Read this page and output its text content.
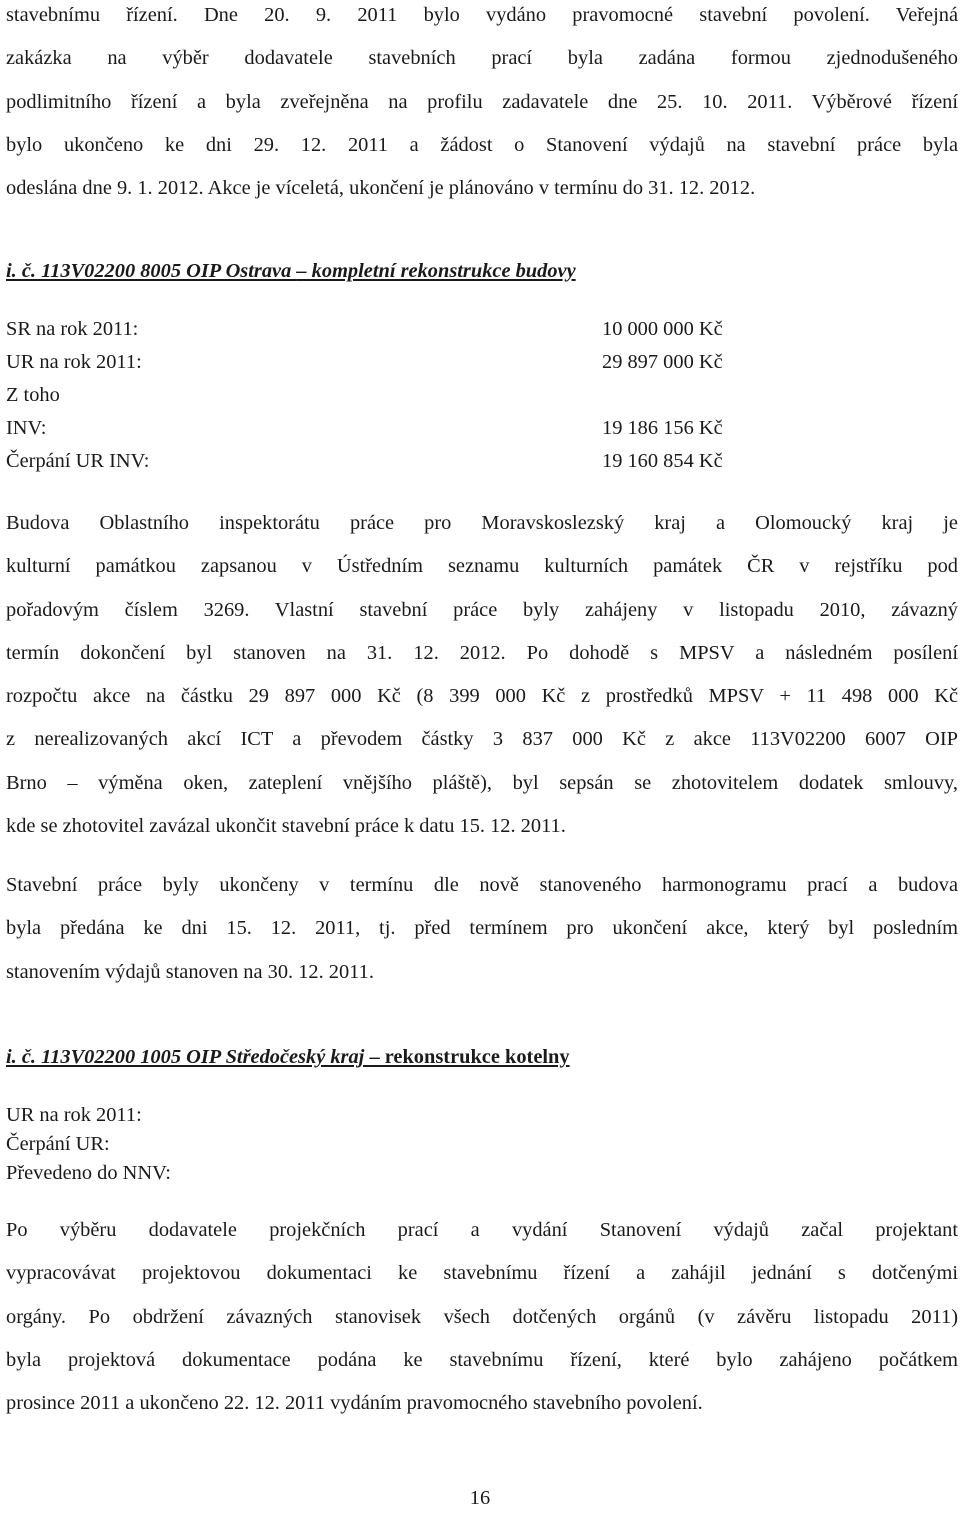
stavebnímu řízení. Dne 20. 9. 2011 bylo vydáno pravomocné stavební povolení. Veřejná
zakázka na výběr dodavatele stavebních prací byla zadána formou zjednodušeného
podlimitního řízení a byla zveřejněna na profilu zadavatele dne 25. 10. 2011. Výběrové řízení
bylo ukončeno ke dni 29. 12. 2011 a žádost o Stanovení výdajů na stavební práce byla
odeslána dne 9. 1. 2012. Akce je víceletá, ukončení je plánováno v termínu do 31. 12. 2012.

i. č. 113V02200 8005 OIP Ostrava – kompletní rekonstrukce budovy
SR na rok 2011:	10 000 000 Kč
UR na rok 2011:	29 897 000 Kč
Z toho
INV:	19 186 156 Kč
Čerpání UR INV:	19 160 854 Kč

Budova Oblastního inspektorátu práce pro Moravskoslezský kraj a Olomoucký kraj je
kulturní památkou zapsanou v Ústředním seznamu kulturních památek ČR v rejstříku pod
pořadovým číslem 3269. Vlastní stavební práce byly zahájeny v listopadu 2010, závazný
termín dokončení byl stanoven na 31. 12. 2012. Po dohodě s MPSV a následném posílení
rozpočtu akce na částku 29 897 000 Kč (8 399 000 Kč z prostředků MPSV + 11 498 000 Kč
z nerealizovaných akcí ICT a převodem částky 3 837 000 Kč z akce 113V02200 6007 OIP
Brno – výměna oken, zateplení vnějšího pláště), byl sepsán se zhotovitelem dodatek smlouvy,
kde se zhotovitel zavázal ukončit stavební práce k datu 15. 12. 2011.

Stavební práce byly ukončeny v termínu dle nově stanoveného harmonogramu prací a budova
byla předána ke dni 15. 12. 2011, tj. před termínem pro ukončení akce, který byl posledním
stanovením výdajů stanoven na 30. 12. 2011.

i. č. 113V02200 1005 OIP Středočeský kraj – rekonstrukce kotelny
UR na rok 2011:
Čerpání UR:
Převedeno do NNV:

Po výběru dodavatele projekčních prací a vydání Stanovení výdajů začal projektant
vypracovávat projektovou dokumentaci ke stavebnímu řízení a zahájil jednání s dotčenými
orgány. Po obdržení závazných stanovisek všech dotčených orgánů (v závěru listopadu 2011)
byla projektová dokumentace podána ke stavebnímu řízení, které bylo zahájeno počátkem
prosince 2011 a ukončeno 22. 12. 2011 vydáním pravomocného stavebního povolení.

16
